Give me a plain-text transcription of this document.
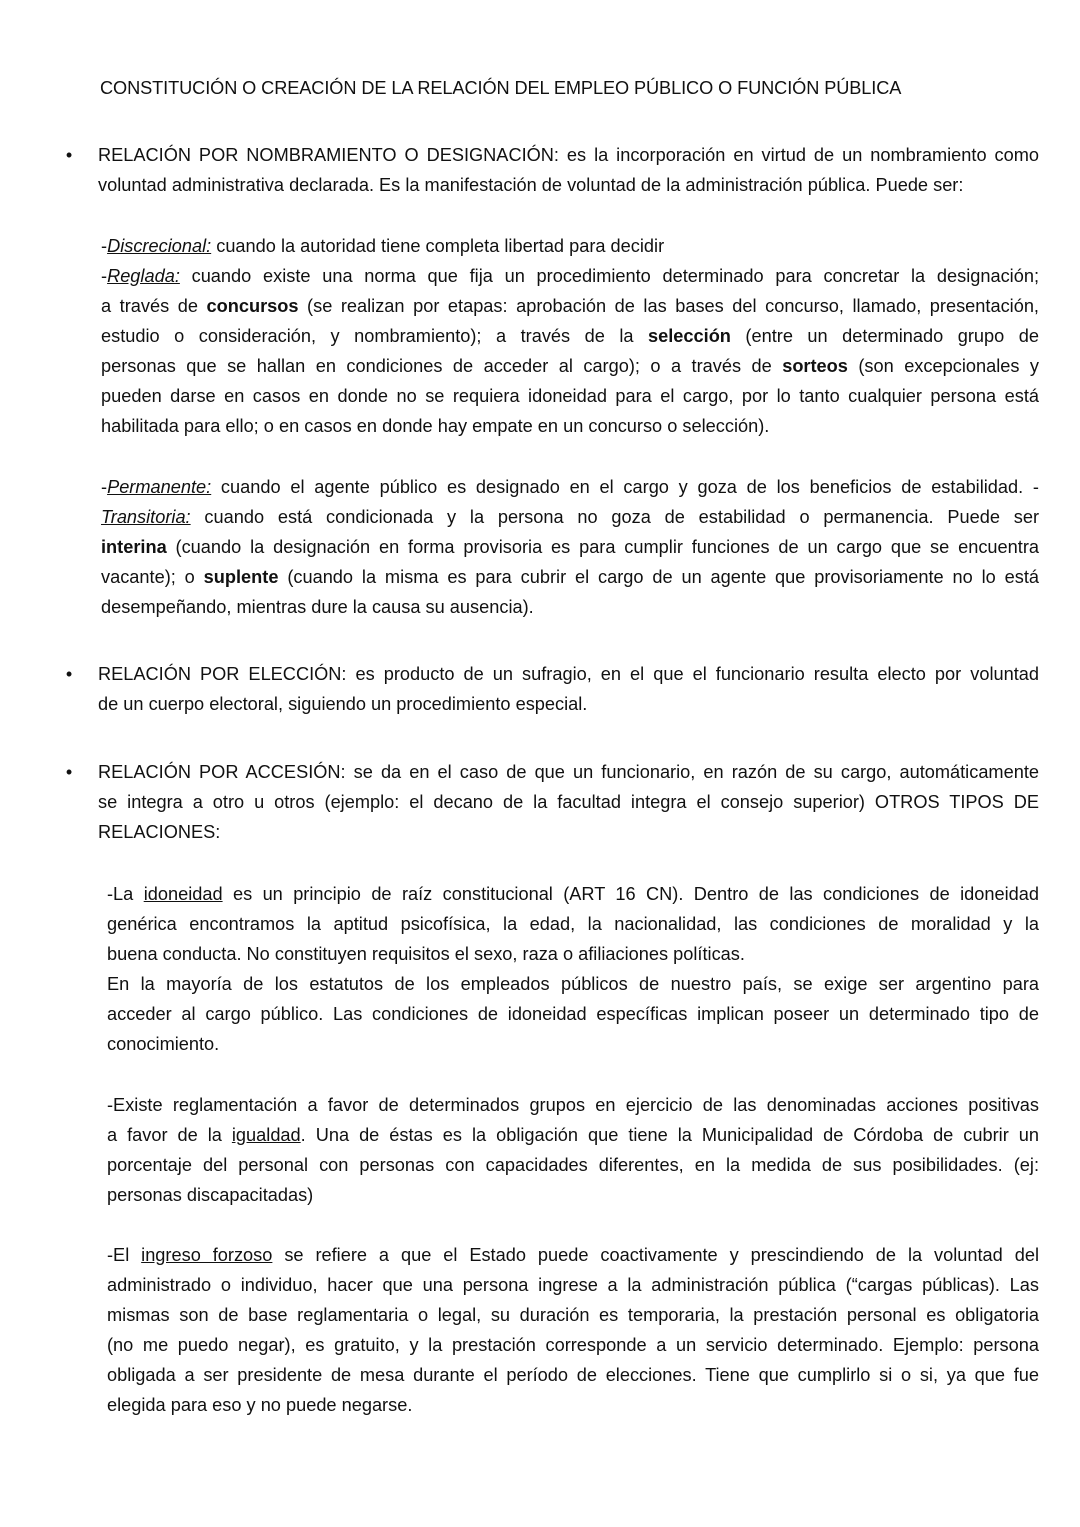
CONSTITUCIÓN O CREACIÓN DE LA RELACIÓN DEL EMPLEO PÚBLICO O FUNCIÓN PÚBLICA
• RELACIÓN POR NOMBRAMIENTO O DESIGNACIÓN: es la incorporación en virtud de un nombramiento como
voluntad administrativa declarada. Es la manifestación de voluntad de la administración pública. Puede ser:
-Discrecional: cuando la autoridad tiene completa libertad para decidir
-Reglada: cuando existe una norma que fija un procedimiento determinado para concretar la designación;
a través de concursos (se realizan por etapas: aprobación de las bases del concurso, llamado, presentación,
estudio o consideración, y nombramiento); a través de la selección (entre un determinado grupo de
personas que se hallan en condiciones de acceder al cargo); o a través de sorteos (son excepcionales y
pueden darse en casos en donde no se requiera idoneidad para el cargo, por lo tanto cualquier persona está
habilitada para ello; o en casos en donde hay empate en un concurso o selección).
-Permanente: cuando el agente público es designado en el cargo y goza de los beneficios de estabilidad. -
Transitoria: cuando está condicionada y la persona no goza de estabilidad o permanencia. Puede ser
interina (cuando la designación en forma provisoria es para cumplir funciones de un cargo que se encuentra
vacante); o suplente (cuando la misma es para cubrir el cargo de un agente que provisoriamente no lo está
desempeñando, mientras dure la causa su ausencia).
• RELACIÓN POR ELECCIÓN: es producto de un sufragio, en el que el funcionario resulta electo por voluntad
de un cuerpo electoral, siguiendo un procedimiento especial.
• RELACIÓN POR ACCESIÓN: se da en el caso de que un funcionario, en razón de su cargo, automáticamente
se integra a otro u otros (ejemplo: el decano de la facultad integra el consejo superior) OTROS TIPOS DE
RELACIONES:
-La idoneidad es un principio de raíz constitucional (ART 16 CN). Dentro de las condiciones de idoneidad
genérica encontramos la aptitud psicofísica, la edad, la nacionalidad, las condiciones de moralidad y la
buena conducta. No constituyen requisitos el sexo, raza o afiliaciones políticas.
En la mayoría de los estatutos de los empleados públicos de nuestro país, se exige ser argentino para
acceder al cargo público. Las condiciones de idoneidad específicas implican poseer un determinado tipo de
conocimiento.
-Existe reglamentación a favor de determinados grupos en ejercicio de las denominadas acciones positivas
a favor de la igualdad. Una de éstas es la obligación que tiene la Municipalidad de Córdoba de cubrir un
porcentaje del personal con personas con capacidades diferentes, en la medida de sus posibilidades. (ej:
personas discapacitadas)
-El ingreso forzoso se refiere a que el Estado puede coactivamente y prescindiendo de la voluntad del
administrado o individuo, hacer que una persona ingrese a la administración pública (“cargas públicas). Las
mismas son de base reglamentaria o legal, su duración es temporaria, la prestación personal es obligatoria
(no me puedo negar), es gratuito, y la prestación corresponde a un servicio determinado. Ejemplo: persona
obligada a ser presidente de mesa durante el período de elecciones. Tiene que cumplirlo si o si, ya que fue
elegida para eso y no puede negarse.
